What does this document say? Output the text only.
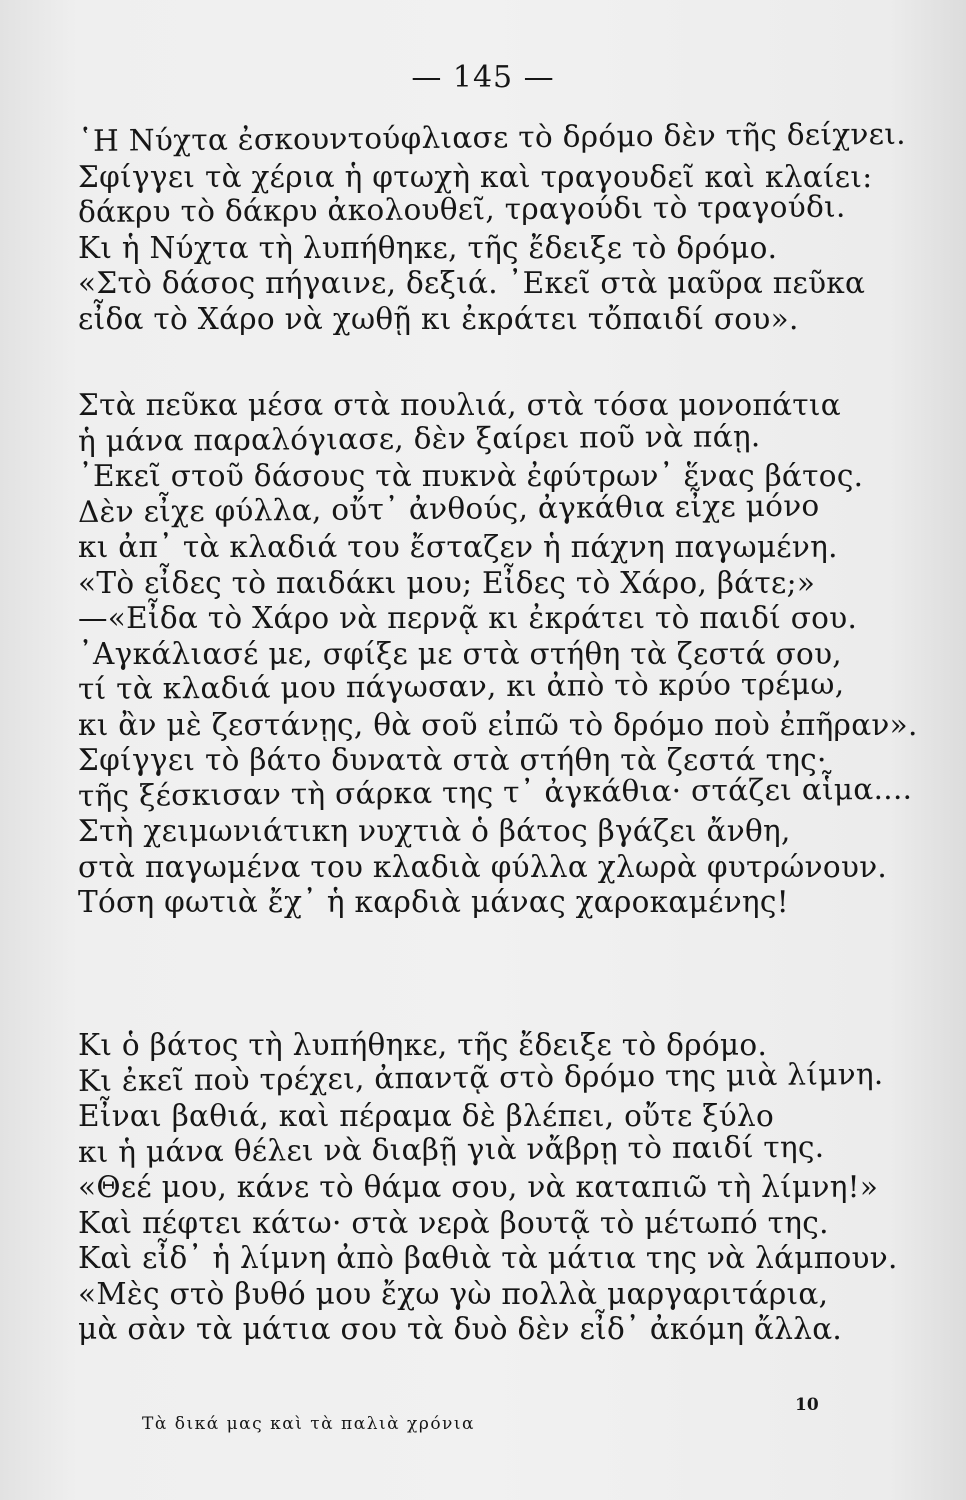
— 145 —
῾Η Νύχτα ἐσκουντούφλιασε τὸ δρόμο δὲν τῆς δείχνει.
Σφίγγει τὰ χέρια ἡ φτωχὴ καὶ τραγουδεῖ καὶ κλαίει:
δάκρυ τὸ δάκρυ ἀκολουθεῖ, τραγούδι τὸ τραγούδι.
Κι ἡ Νύχτα τὴ λυπήθηκε, τῆς ἔδειξε τὸ δρόμο.
«Στὸ δάσος πήγαινε, δεξιά. ᾿Εκεῖ στὰ μαῦρα πεῦκα
εἶδα τὸ Χάρο νὰ χωθῇ κι ἐκράτει τὄπαιδί σου».
Στὰ πεῦκα μέσα στὰ πουλιά, στὰ τόσα μονοπάτια
ἡ μάνα παραλόγιασε, δὲν ξαίρει ποῦ νὰ πάῃ.
᾿Εκεῖ στοῦ δάσους τὰ πυκνὰ ἐφύτρων᾿ ἕνας βάτος.
Δὲν εἶχε φύλλα, οὔτ᾿ ἀνθούς, ἀγκάθια εἶχε μόνο
κι ἀπ᾿ τὰ κλαδιά του ἔσταζεν ἡ πάχνη παγωμένη.
«Τὸ εἶδες τὸ παιδάκι μου; Εἶδες τὸ Χάρο, βάτε;»
—«Εἶδα τὸ Χάρο νὰ περνᾷ κι ἐκράτει τὸ παιδί σου.
᾿Αγκάλιασέ με, σφίξε με στὰ στήθη τὰ ζεστά σου,
τί τὰ κλαδιά μου πάγωσαν, κι ἀπὸ τὸ κρύο τρέμω,
κι ἂν μὲ ζεστάνῃς, θὰ σοῦ εἰπῶ τὸ δρόμο ποὺ ἐπῆραν».
Σφίγγει τὸ βάτο δυνατὰ στὰ στήθη τὰ ζεστά της·
τῆς ξέσκισαν τὴ σάρκα της τ᾿ ἀγκάθια· στάζει αἷμα....
Στὴ χειμωνιάτικη νυχτιὰ ὁ βάτος βγάζει ἄνθη,
στὰ παγωμένα του κλαδιὰ φύλλα χλωρὰ φυτρώνουν.
Τόση φωτιὰ ἔχ᾿ ἡ καρδιὰ μάνας χαροκαμένης!
Κι ὁ βάτος τὴ λυπήθηκε, τῆς ἔδειξε τὸ δρόμο.
Κι ἐκεῖ ποὺ τρέχει, ἀπαντᾷ στὸ δρόμο της μιὰ λίμνη.
Εἶναι βαθιά, καὶ πέραμα δὲ βλέπει, οὔτε ξύλο
κι ἡ μάνα θέλει νὰ διαβῇ γιὰ νἄβρῃ τὸ παιδί της.
«Θεέ μου, κάνε τὸ θάμα σου, νὰ καταπιῶ τὴ λίμνη!»
Καὶ πέφτει κάτω· στὰ νερὰ βουτᾷ τὸ μέτωπό της.
Καὶ εἶδ᾿ ἡ λίμνη ἀπὸ βαθιὰ τὰ μάτια της νὰ λάμπουν.
«Μὲς στὸ βυθό μου ἔχω γὼ πολλὰ μαργαριτάρια,
μὰ σὰν τὰ μάτια σου τὰ δυὸ δὲν εἶδ᾿ ἀκόμη ἄλλα.
Τὰ δικά μας καὶ τὰ παλιὰ χρόνια
10
